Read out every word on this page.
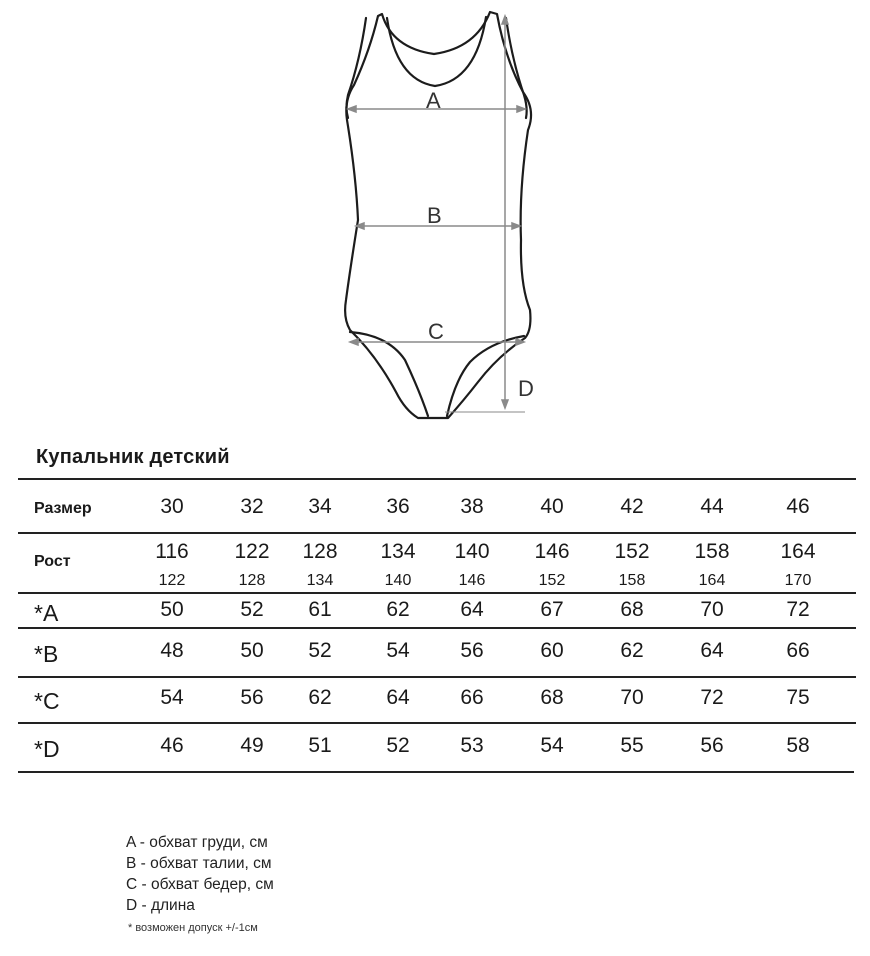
A
B
C
D
Купальник детский
Размер	30	32	34	36	38	40	42	44	46
Рост	116	122	128	134	140	146	152	158	164
122	128	134	140	146	152	158	164	170
*A	50	52	61	62	64	67	68	70	72
*B	48	50	52	54	56	60	62	64	66
*C	54	56	62	64	66	68	70	72	75
*D	46	49	51	52	53	54	55	56	58
A - обхват груди, см
B - обхват талии, см
C - обхват бедер, см
D - длина
* возможен допуск +/-1см
